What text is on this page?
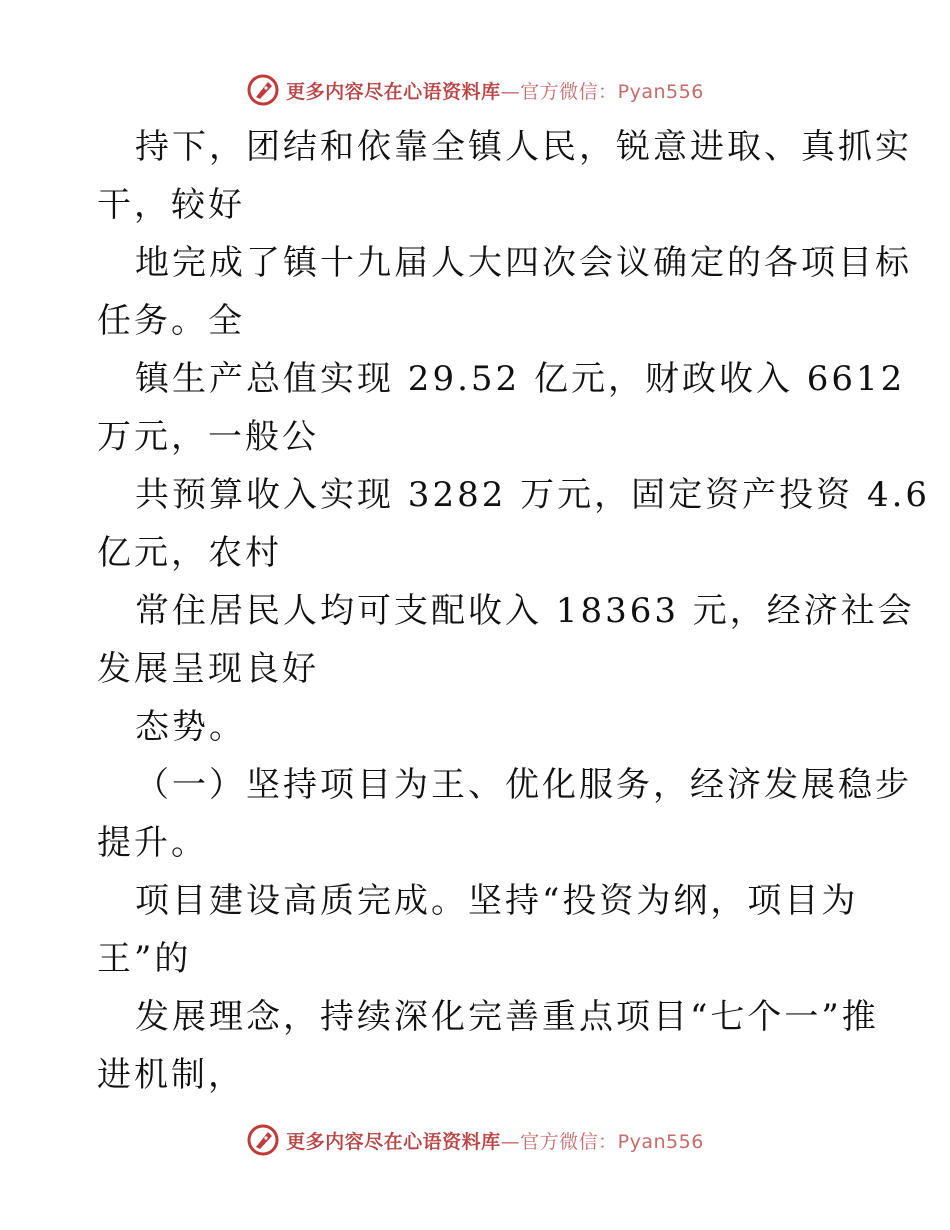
更多内容尽在心语资料库—官方微信：Pyan556
持下，团结和依靠全镇人民，锐意进取、真抓实
干，较好
地完成了镇十九届人大四次会议确定的各项目标
任务。全
镇生产总值实现 29.52 亿元，财政收入 6612
万元，一般公
共预算收入实现 3282 万元，固定资产投资 4.6
亿元，农村
常住居民人均可支配收入 18363 元，经济社会
发展呈现良好
态势。
（一）坚持项目为王、优化服务，经济发展稳步
提升。
项目建设高质完成。坚持“投资为纲，项目为
王”的
发展理念，持续深化完善重点项目“七个一”推
进机制，
更多内容尽在心语资料库—官方微信：Pyan556
